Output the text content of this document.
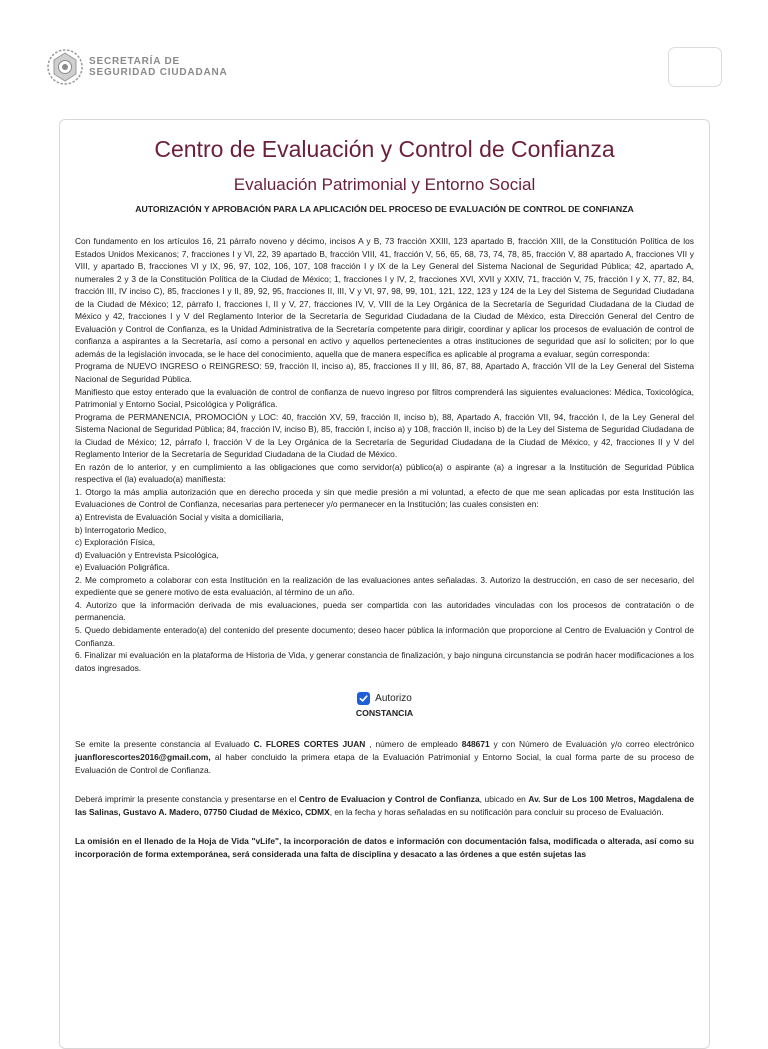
SECRETARÍA DE
SEGURIDAD CIUDADANA
Centro de Evaluación y Control de Confianza
Evaluación Patrimonial y Entorno Social
AUTORIZACIÓN Y APROBACIÓN PARA LA APLICACIÓN DEL PROCESO DE EVALUACIÓN DE CONTROL DE CONFIANZA

Con fundamento en los artículos 16, 21 párrafo noveno y décimo, incisos A y B, 73 fracción XXIII, 123 apartado B, fracción XIII, de la Constitución Política de los Estados Unidos Mexicanos; 7, fracciones I y VI, 22, 39 apartado B, fracción VIII, 41, fracción V, 56, 65, 68, 73, 74, 78, 85, fracción V, 88 apartado A, fracciones VII y VIII, y apartado B, fracciones VI y IX, 96, 97, 102, 106, 107, 108 fracción I y IX de la Ley General del Sistema Nacional de Seguridad Pública; 42, apartado A, numerales 2 y 3 de la Constitución Política de la Ciudad de México; 1, fracciones I y IV, 2, fracciones XVI, XVII y XXIV, 71, fracción V, 75, fracción I y X, 77, 82, 84, fracción III, IV inciso C), 85, fracciones I y II, 89, 92, 95, fracciones II, III, V y VI, 97, 98, 99, 101, 121, 122, 123 y 124 de la Ley del Sistema de Seguridad Ciudadana de la Ciudad de México; 12, párrafo I, fracciones I, II y V, 27, fracciones IV, V, VIII de la Ley Orgánica de la Secretaría de Seguridad Ciudadana de la Ciudad de México y 42, fracciones I y V del Reglamento Interior de la Secretaría de Seguridad Ciudadana de la Ciudad de México, esta Dirección General del Centro de Evaluación y Control de Confianza, es la Unidad Administrativa de la Secretaría competente para dirigir, coordinar y aplicar los procesos de evaluación de control de confianza a aspirantes a la Secretaría, así como a personal en activo y aquellos pertenecientes a otras instituciones de seguridad que así lo soliciten; por lo que además de la legislación invocada, se le hace del conocimiento, aquella que de manera específica es aplicable al programa a evaluar, según corresponda:

Programa de NUEVO INGRESO o REINGRESO: 59, fracción II, inciso a), 85, fracciones II y III, 86, 87, 88, Apartado A, fracción VII de la Ley General del Sistema Nacional de Seguridad Pública.

Manifiesto que estoy enterado que la evaluación de control de confianza de nuevo ingreso por filtros comprenderá las siguientes evaluaciones: Médica, Toxicológica, Patrimonial y Entorno Social, Psicológica y Poligráfica.

Programa de PERMANENCIA, PROMOCIÓN y LOC: 40, fracción XV, 59, fracción II, inciso b), 88, Apartado A, fracción VII, 94, fracción I, de la Ley General del Sistema Nacional de Seguridad Pública; 84, fracción IV, inciso B), 85, fracción I, inciso a) y 108, fracción II, inciso b) de la Ley del Sistema de Seguridad Ciudadana de la Ciudad de México; 12, párrafo I, fracción V de la Ley Orgánica de la Secretaría de Seguridad Ciudadana de la Ciudad de México, y 42, fracciones II y V del Reglamento Interior de la Secretaría de Seguridad Ciudadana de la Ciudad de México.

En razón de lo anterior, y en cumplimiento a las obligaciones que como servidor(a) público(a) o aspirante (a) a ingresar a la Institución de Seguridad Pública respectiva el (la) evaluado(a) manifiesta:

1. Otorgo la más amplia autorización que en derecho proceda y sin que medie presión a mi voluntad, a efecto de que me sean aplicadas por esta Institución las Evaluaciones de Control de Confianza, necesarias para pertenecer y/o permanecer en la Institución; las cuales consisten en:

a) Entrevista de Evaluación Social y visita a domiciliaria,

b) Interrogatorio Medico,

c) Exploración Física,

d) Evaluación y Entrevista Psicológica,

e) Evaluación Poligráfica.

2. Me comprometo a colaborar con esta Institución en la realización de las evaluaciones antes señaladas. 3. Autorizo la destrucción, en caso de ser necesario, del expediente que se genere motivo de esta evaluación, al término de un año.

4. Autorizo que la información derivada de mis evaluaciones, pueda ser compartida con las autoridades vinculadas con los procesos de contratación o de permanencia.

5. Quedo debidamente enterado(a) del contenido del presente documento; deseo hacer pública la información que proporcione al Centro de Evaluación y Control de Confianza.

6. Finalizar mi evaluación en la plataforma de Historia de Vida, y generar constancia de finalización, y bajo ninguna circunstancia se podrán hacer modificaciones a los datos ingresados.

Autorizo
CONSTANCIA

Se emite la presente constancia al Evaluado C. FLORES CORTES JUAN , número de empleado 848671 y con Número de Evaluación y/o correo electrónico juanflorescortes2016@gmail.com, al haber concluido la primera etapa de la Evaluación Patrimonial y Entorno Social, la cual forma parte de su proceso de Evaluación de Control de Confianza.

Deberá imprimir la presente constancia y presentarse en el Centro de Evaluacion y Control de Confianza, ubicado en Av. Sur de Los 100 Metros, Magdalena de las Salinas, Gustavo A. Madero, 07750 Ciudad de México, CDMX, en la fecha y horas señaladas en su notificación para concluir su proceso de Evaluación.

La omisión en el llenado de la Hoja de Vida "vLife", la incorporación de datos e información con documentación falsa, modificada o alterada, así como su incorporación de forma extemporánea, será considerada una falta de disciplina y desacato a las órdenes a que estén sujetas las
